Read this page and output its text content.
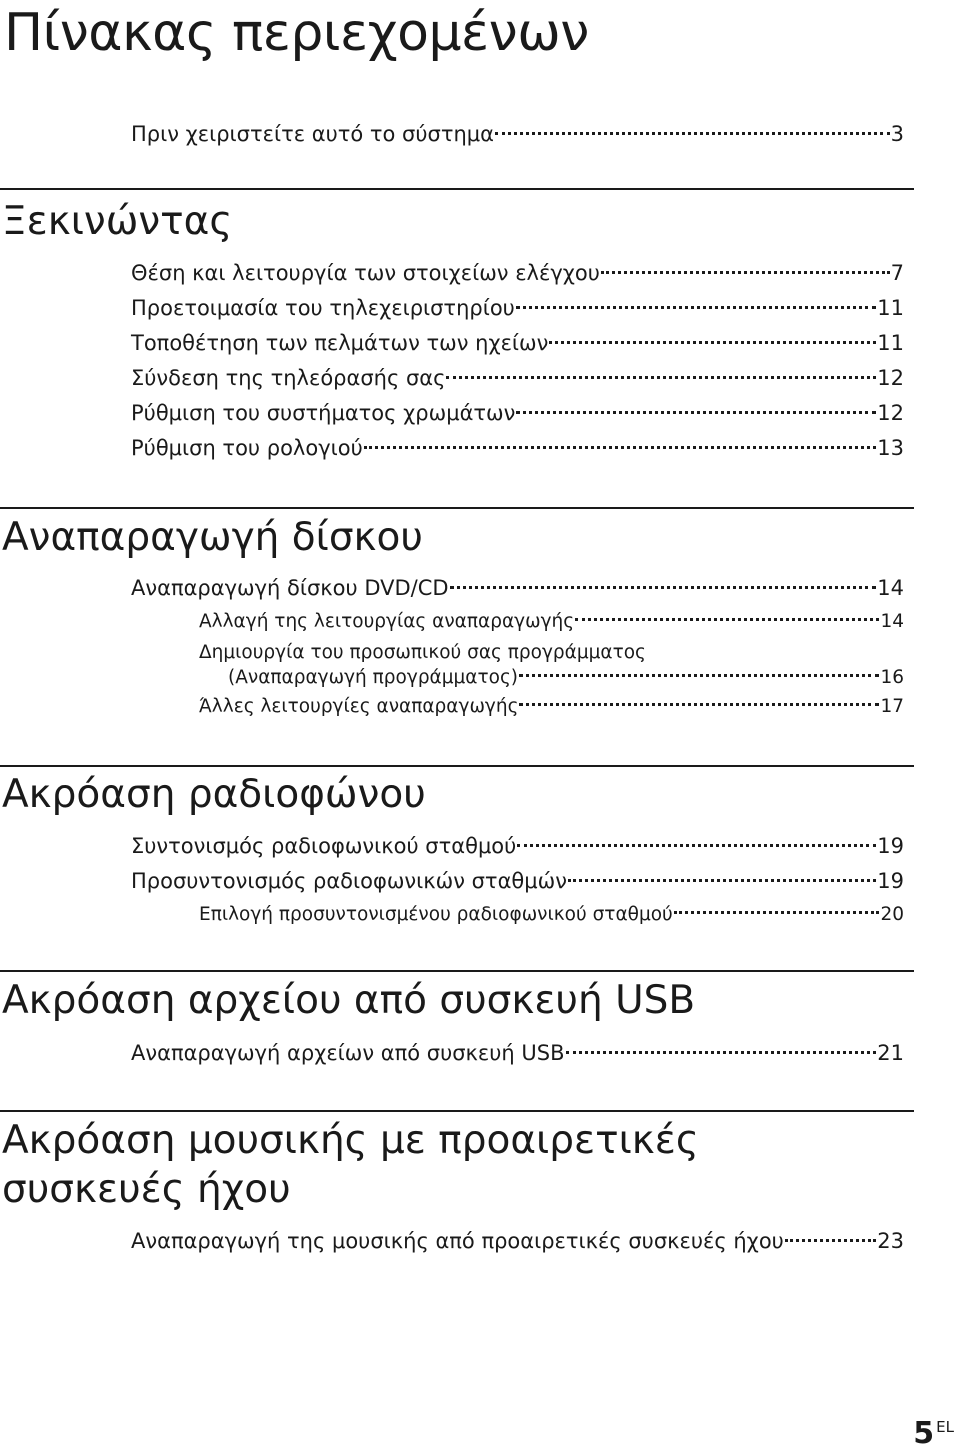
Πίνακας περιεχομένων
Πριν χειριστείτε αυτό το σύστημα	3
Ξεκινώντας
Θέση και λειτουργία των στοιχείων ελέγχου	7
Προετοιμασία του τηλεχειριστηρίου	11
Τοποθέτηση των πελμάτων των ηχείων	11
Σύνδεση της τηλεόρασής σας	12
Ρύθμιση του συστήματος χρωμάτων	12
Ρύθμιση του ρολογιού	13
Αναπαραγωγή δίσκου
Αναπαραγωγή δίσκου DVD/CD	14
Αλλαγή της λειτουργίας αναπαραγωγής	14
Δημιουργία του προσωπικού σας προγράμματος
(Αναπαραγωγή προγράμματος)	16
Άλλες λειτουργίες αναπαραγωγής	17
Ακρόαση ραδιοφώνου
Συντονισμός ραδιοφωνικού σταθμού	19
Προσυντονισμός ραδιοφωνικών σταθμών	19
Επιλογή προσυντονισμένου ραδιοφωνικού σταθμού	20
Ακρόαση αρχείου από συσκευή USB
Αναπαραγωγή αρχείων από συσκευή USB	21
Ακρόαση μουσικής με προαιρετικές
συσκευές ήχου
Αναπαραγωγή της μουσικής από προαιρετικές συσκευές ήχου	23
5 $^{EL}$
